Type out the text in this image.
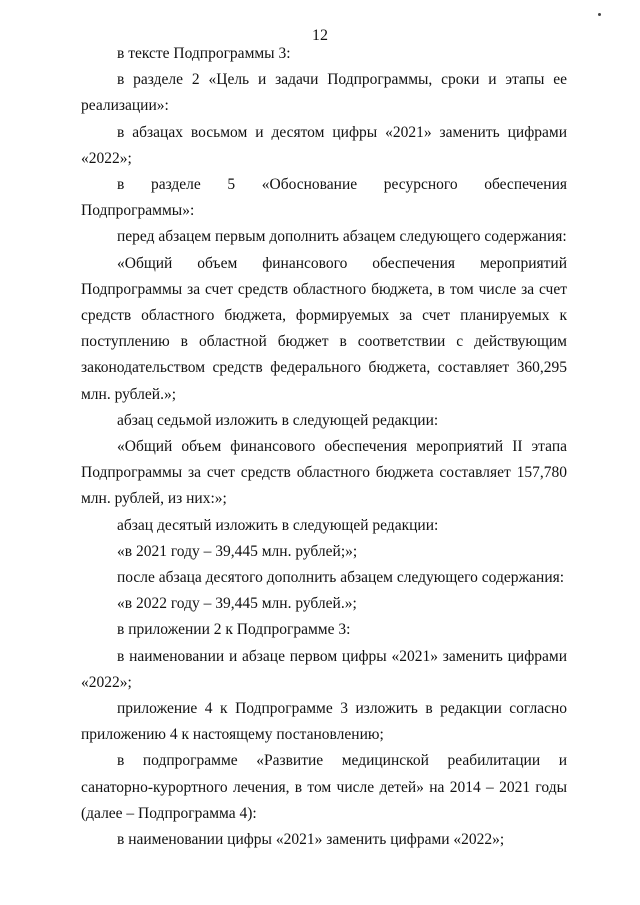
12

в тексте Подпрограммы 3:

в разделе 2 «Цель и задачи Подпрограммы, сроки и этапы ее реализации»:

в абзацах восьмом и десятом цифры «2021» заменить цифрами «2022»;

в разделе 5 «Обоснование ресурсного обеспечения Подпрограммы»:

перед абзацем первым дополнить абзацем следующего содержания:

«Общий объем финансового обеспечения мероприятий Подпрограммы за счет средств областного бюджета, в том числе за счет средств областного бюджета, формируемых за счет планируемых к поступлению в областной бюджет в соответствии с действующим законодательством средств федерального бюджета, составляет 360,295 млн. рублей.»;

абзац седьмой изложить в следующей редакции:

«Общий объем финансового обеспечения мероприятий II этапа Подпрограммы за счет средств областного бюджета составляет 157,780 млн. рублей, из них:»;

абзац десятый изложить в следующей редакции:

«в 2021 году – 39,445 млн. рублей;»;

после абзаца десятого дополнить абзацем следующего содержания:

«в 2022 году – 39,445 млн. рублей.»;

в приложении 2 к Подпрограмме 3:

в наименовании и абзаце первом цифры «2021» заменить цифрами «2022»;

приложение 4 к Подпрограмме 3 изложить в редакции согласно приложению 4 к настоящему постановлению;

в подпрограмме «Развитие медицинской реабилитации и санаторно-курортного лечения, в том числе детей» на 2014 – 2021 годы (далее – Подпрограмма 4):

в наименовании цифры «2021» заменить цифрами «2022»;
